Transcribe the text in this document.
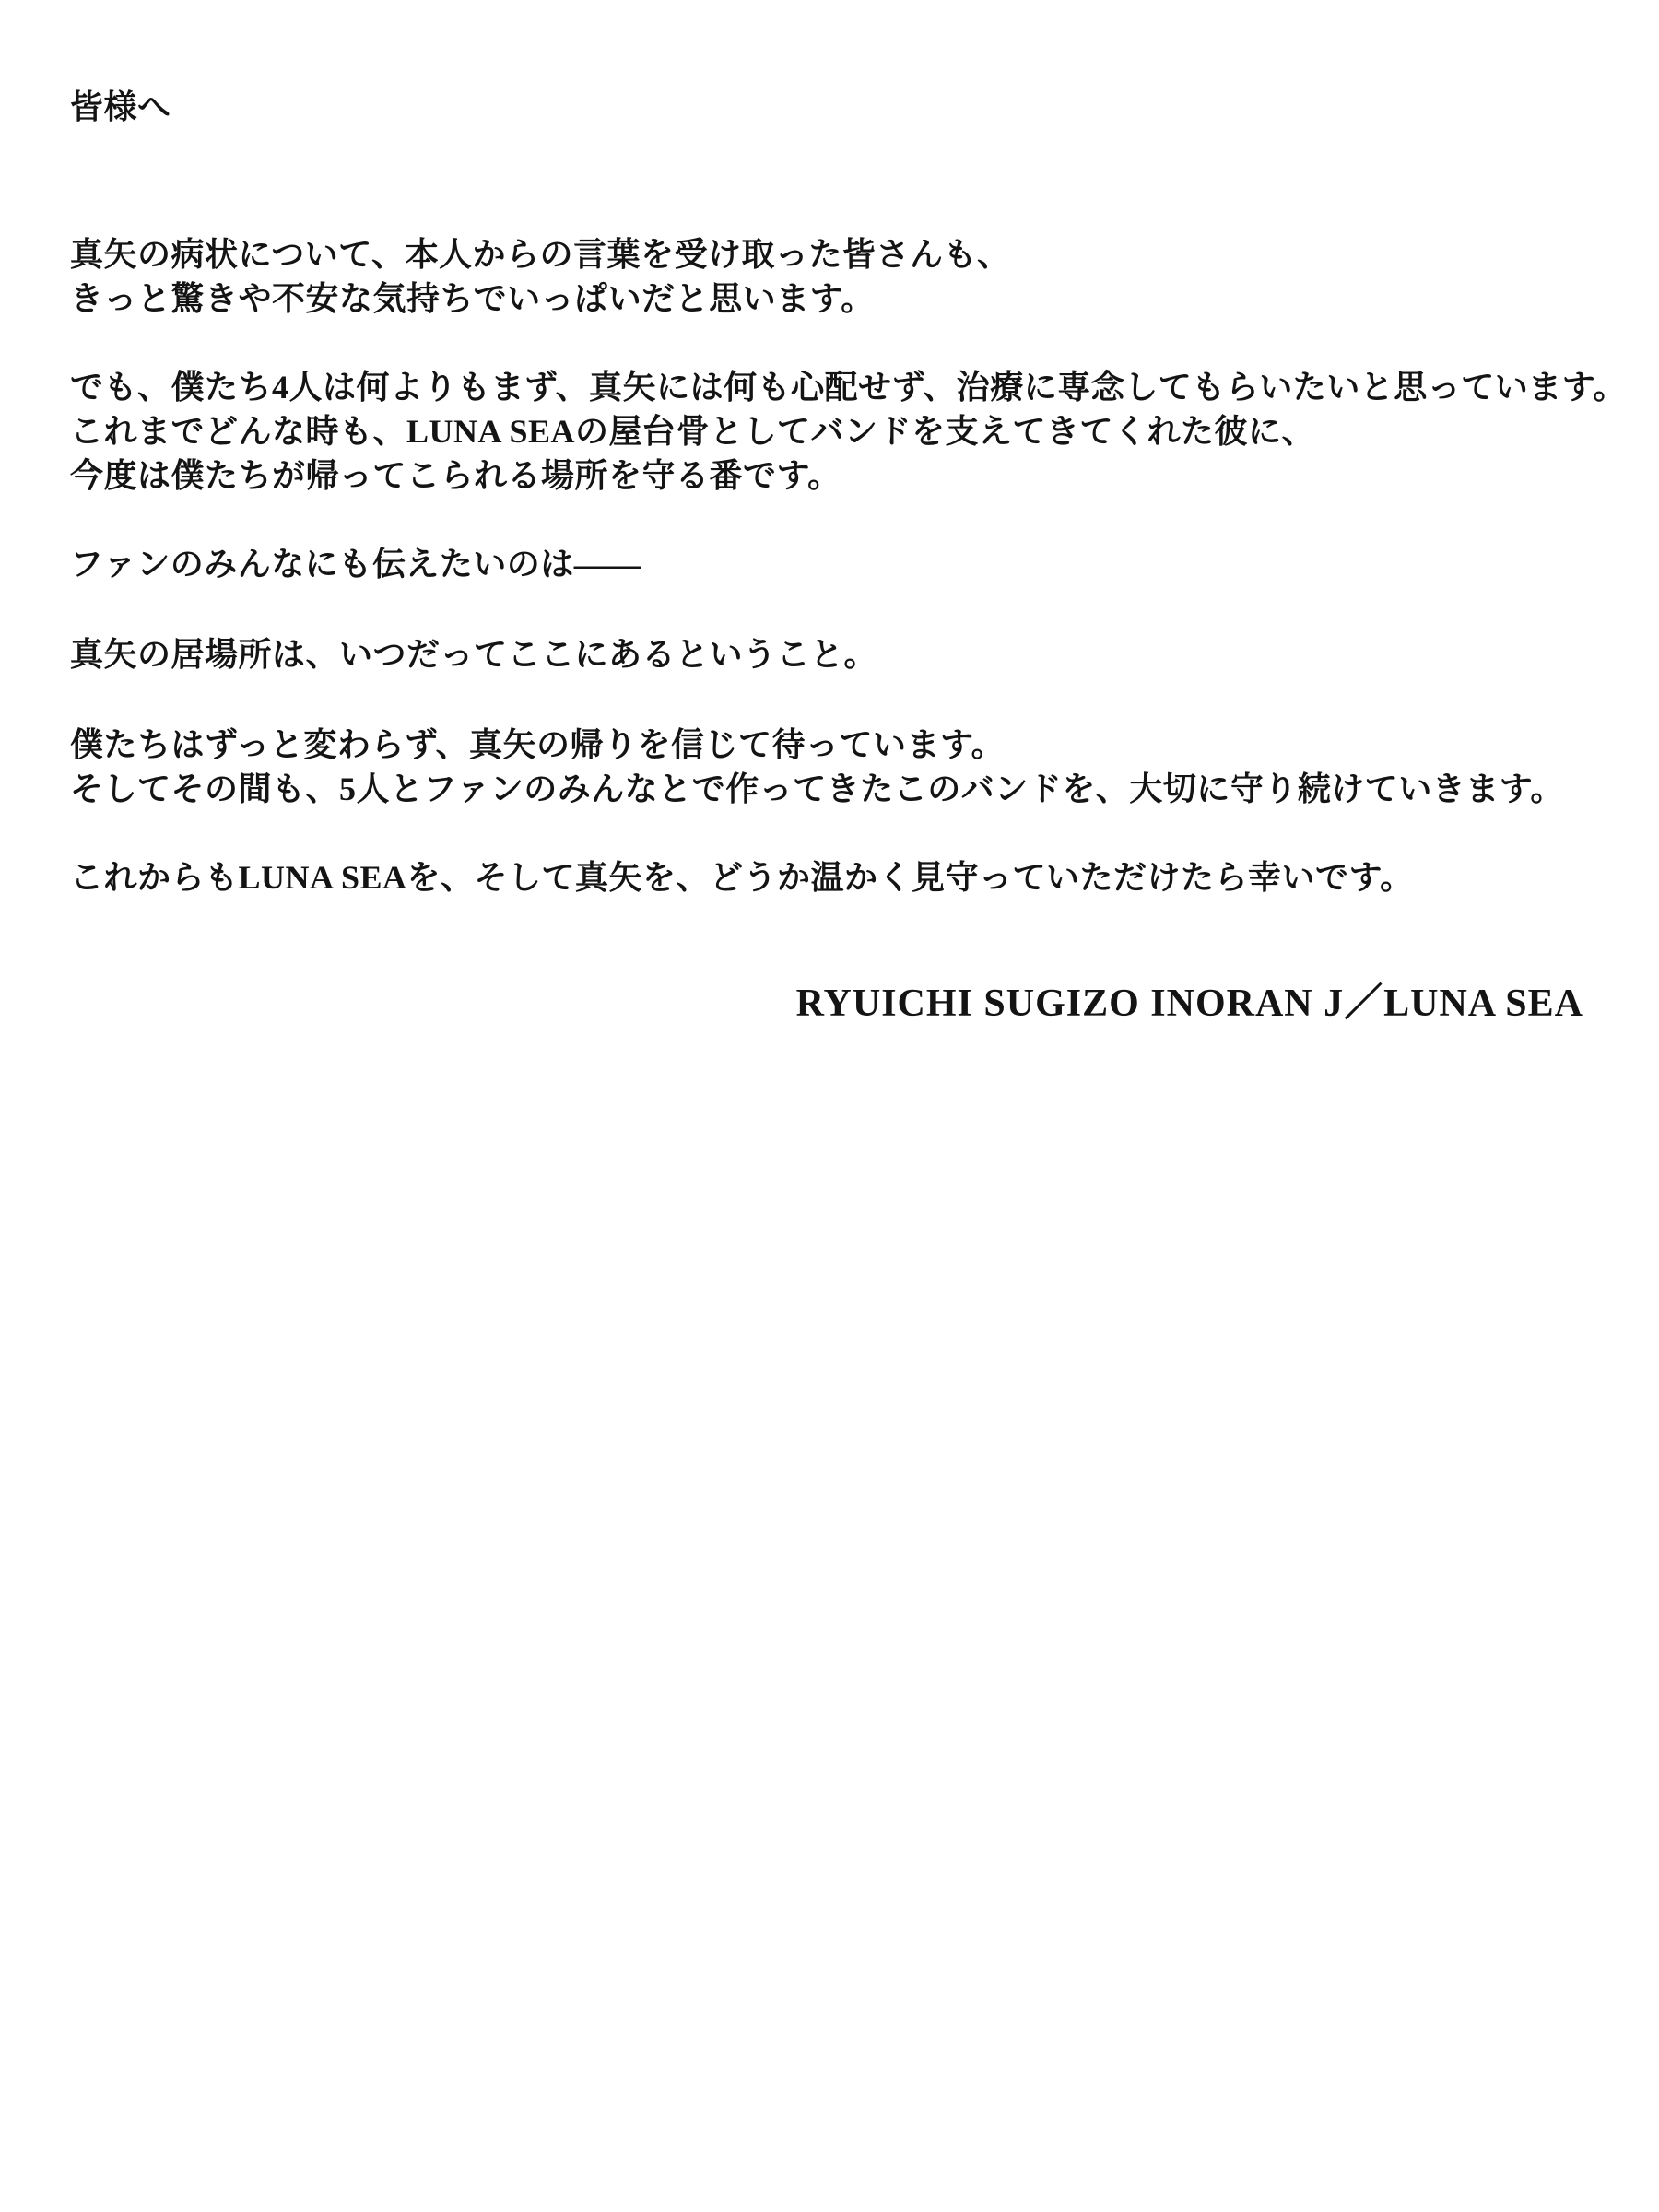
皆様へ
真矢の病状について、本人からの言葉を受け取った皆さんも、
きっと驚きや不安な気持ちでいっぱいだと思います。
でも、僕たち4人は何よりもまず、真矢には何も心配せず、治療に専念してもらいたいと思っています。
これまでどんな時も、LUNA SEAの屋台骨としてバンドを支えてきてくれた彼に、
今度は僕たちが帰ってこられる場所を守る番です。
ファンのみんなにも伝えたいのは――
真矢の居場所は、いつだってここにあるということ。
僕たちはずっと変わらず、真矢の帰りを信じて待っています。
そしてその間も、5人とファンのみんなとで作ってきたこのバンドを、大切に守り続けていきます。
これからもLUNA SEAを、そして真矢を、どうか温かく見守っていただけたら幸いです。
RYUICHI SUGIZO INORAN J／LUNA SEA
